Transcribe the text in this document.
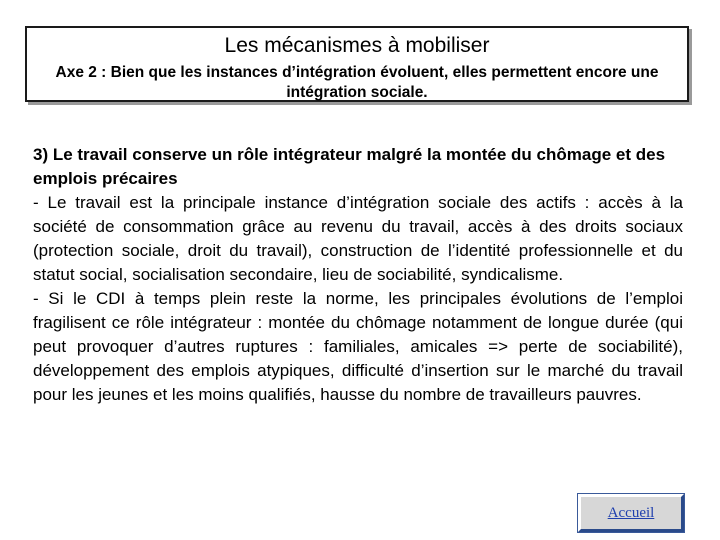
Les mécanismes à mobiliser
Axe 2 : Bien que les instances d’intégration évoluent, elles permettent encore une intégration sociale.

3) Le travail conserve un rôle intégrateur malgré la montée du chômage et des emplois précaires

- Le travail est la principale instance d’intégration sociale des actifs : accès à la société de consommation grâce au revenu du travail, accès à des droits sociaux (protection sociale, droit du travail), construction de l’identité professionnelle et du statut social, socialisation secondaire, lieu de sociabilité, syndicalisme.

- Si le CDI à temps plein reste la norme, les principales évolutions de l’emploi fragilisent ce rôle intégrateur : montée du chômage notamment de longue durée (qui peut provoquer d’autres ruptures : familiales, amicales => perte de sociabilité), développement des emplois atypiques, difficulté d’insertion sur le marché du travail pour les jeunes et les moins qualifiés, hausse du nombre de travailleurs pauvres.

Accueil
